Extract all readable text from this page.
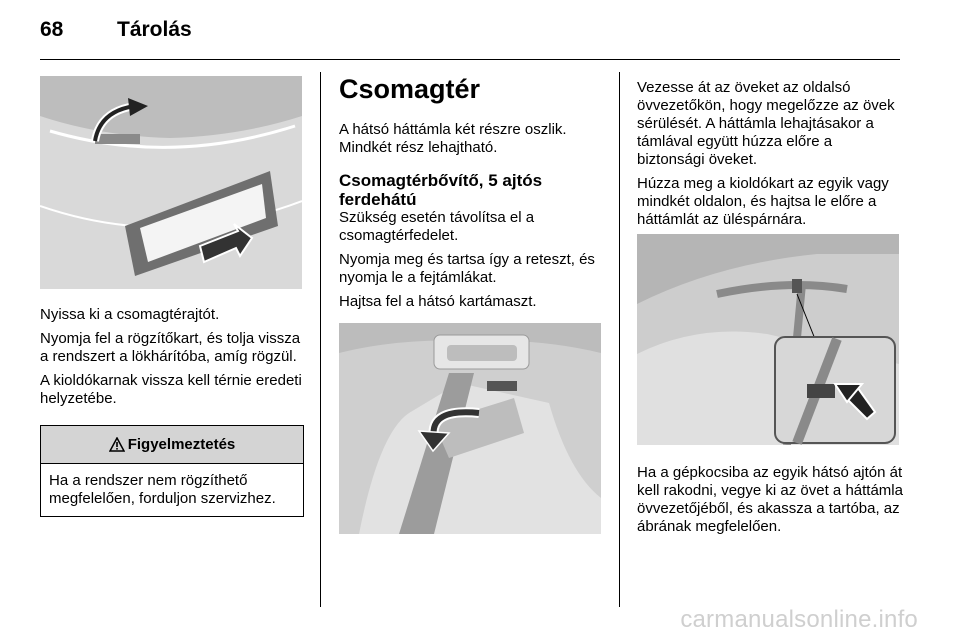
68	Tárolás

Nyissa ki a csomagtérajtót.

Nyomja fel a rögzítőkart, és tolja vissza a rendszert a lökhárítóba, amíg rögzül.

A kioldókarnak vissza kell térnie eredeti helyzetébe.

Figyelmeztetés
Ha a rendszer nem rögzíthető megfelelően, forduljon szervizhez.
Csomagtér

A hátsó háttámla két részre oszlik. Mindkét rész lehajtható.

Csomagtérbővítő, 5 ajtós ferdehátú

Szükség esetén távolítsa el a csomagtérfedelet.

Nyomja meg és tartsa így a reteszt, és nyomja le a fejtámlákat.

Hajtsa fel a hátsó kartámaszt.

Vezesse át az öveket az oldalsó övvezetőkön, hogy megelőzze az övek sérülését. A háttámla lehajtásakor a támlával együtt húzza előre a biztonsági öveket.

Húzza meg a kioldókart az egyik vagy mindkét oldalon, és hajtsa le előre a háttámlát az üléspárnára.

Ha a gépkocsiba az egyik hátsó ajtón át kell rakodni, vegye ki az övet a háttámla övvezetőjéből, és akassza a tartóba, az ábrának megfelelően.

carmanualsonline.info
